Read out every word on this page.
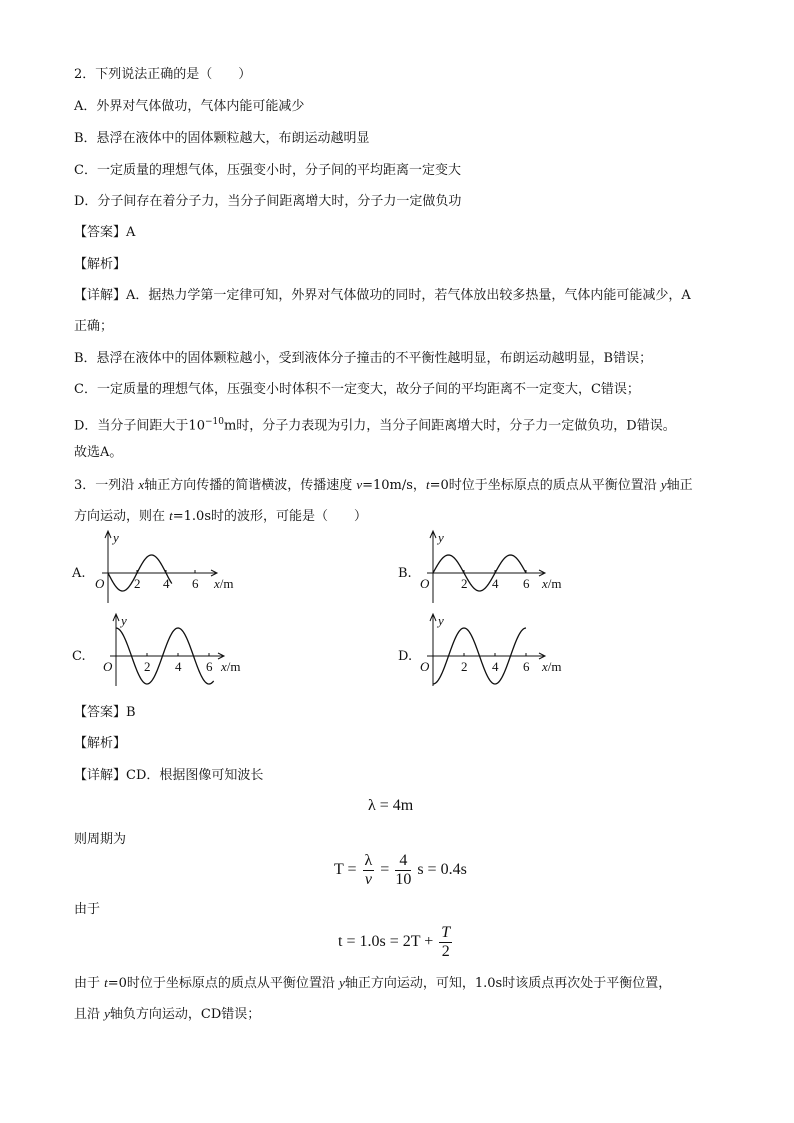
2．下列说法正确的是（　　）
A．外界对气体做功，气体内能可能减少
B．悬浮在液体中的固体颗粒越大，布朗运动越明显
C．一定质量的理想气体，压强变小时，分子间的平均距离一定变大
D．分子间存在着分子力，当分子间距离增大时，分子力一定做负功
【答案】A
【解析】
【详解】A．据热力学第一定律可知，外界对气体做功的同时，若气体放出较多热量，气体内能可能减少，A
正确；
B．悬浮在液体中的固体颗粒越小，受到液体分子撞击的不平衡性越明显，布朗运动越明显，B错误；
C．一定质量的理想气体，压强变小时体积不一定变大，故分子间的平均距离不一定变大，C错误；
D．当分子间距大于$10^{-10}m$时，分子力表现为引力，当分子间距离增大时，分子力一定做负功，D错误。
故选A。
3．一列沿 x轴正方向传播的简谐横波，传播速度 v=10m/s，t=0时位于坐标原点的质点从平衡位置沿 y轴正
方向运动，则在 t=1.0s时的波形，可能是（　　）
A.	B.
C.	D.
2 4 6
y
x/m
O	2 4 6
y
x/m
O
2 4 6
y
x/m
O	2 4 6
y
x/m
O
【答案】B
【解析】
【详解】CD．根据图像可知波长
λ = 4m
则周期为
$T = \frac{\lambda}{v} = \frac{4}{10}$ s = 0.4s
由于
$t = 1.0s = 2T + \frac{T}{2}$
由于 t=0时位于坐标原点的质点从平衡位置沿 y轴正方向运动，可知，1.0s时该质点再次处于平衡位置，
且沿 y轴负方向运动，CD错误；
